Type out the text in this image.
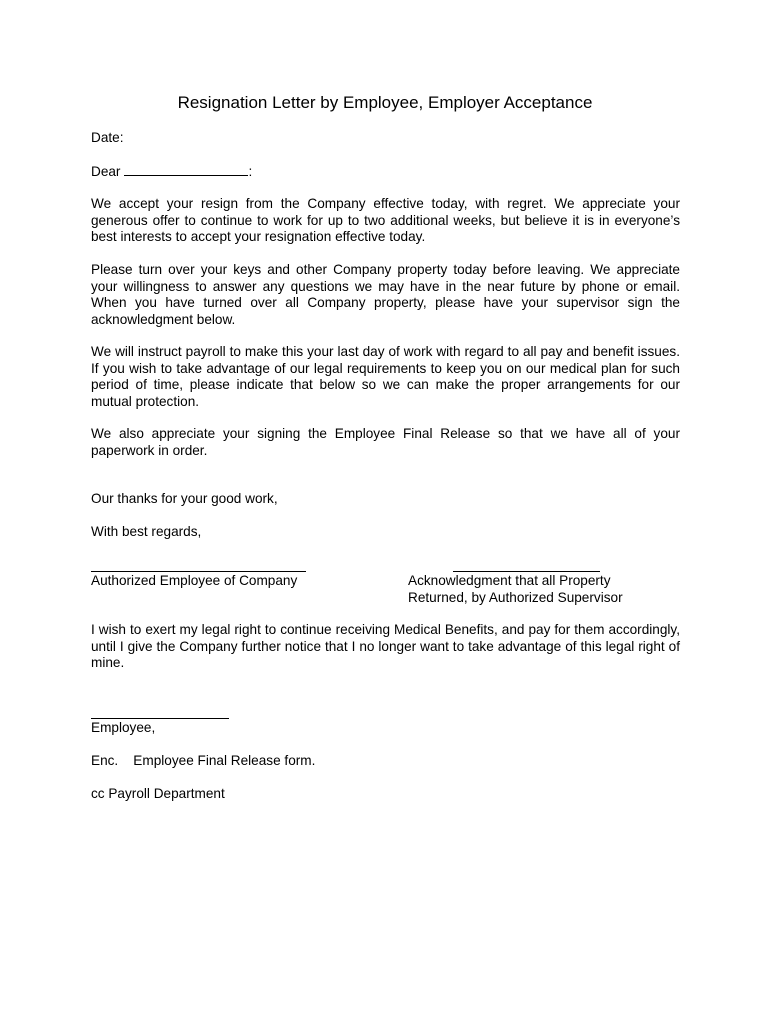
Resignation Letter by Employee, Employer Acceptance
Date:
Dear	:
We accept your resign from the Company effective today, with regret. We appreciate your generous offer to continue to work for up to two additional weeks, but believe it is in everyone’s best interests to accept your resignation effective today.
Please turn over your keys and other Company property today before leaving. We appreciate your willingness to answer any questions we may have in the near future by phone or email. When you have turned over all Company property, please have your supervisor sign the acknowledgment below.
We will instruct payroll to make this your last day of work with regard to all pay and benefit issues. If you wish to take advantage of our legal requirements to keep you on our medical plan for such period of time, please indicate that below so we can make the proper arrangements for our mutual protection.
We also appreciate your signing the Employee Final Release so that we have all of your paperwork in order.
Our thanks for your good work,
With best regards,
Authorized Employee of Company	Acknowledgment that all Property
Returned, by Authorized Supervisor
I wish to exert my legal right to continue receiving Medical Benefits, and pay for them accordingly, until I give the Company further notice that I no longer want to take advantage of this legal right of mine.
Employee,
Enc.    Employee Final Release form.
cc Payroll Department
